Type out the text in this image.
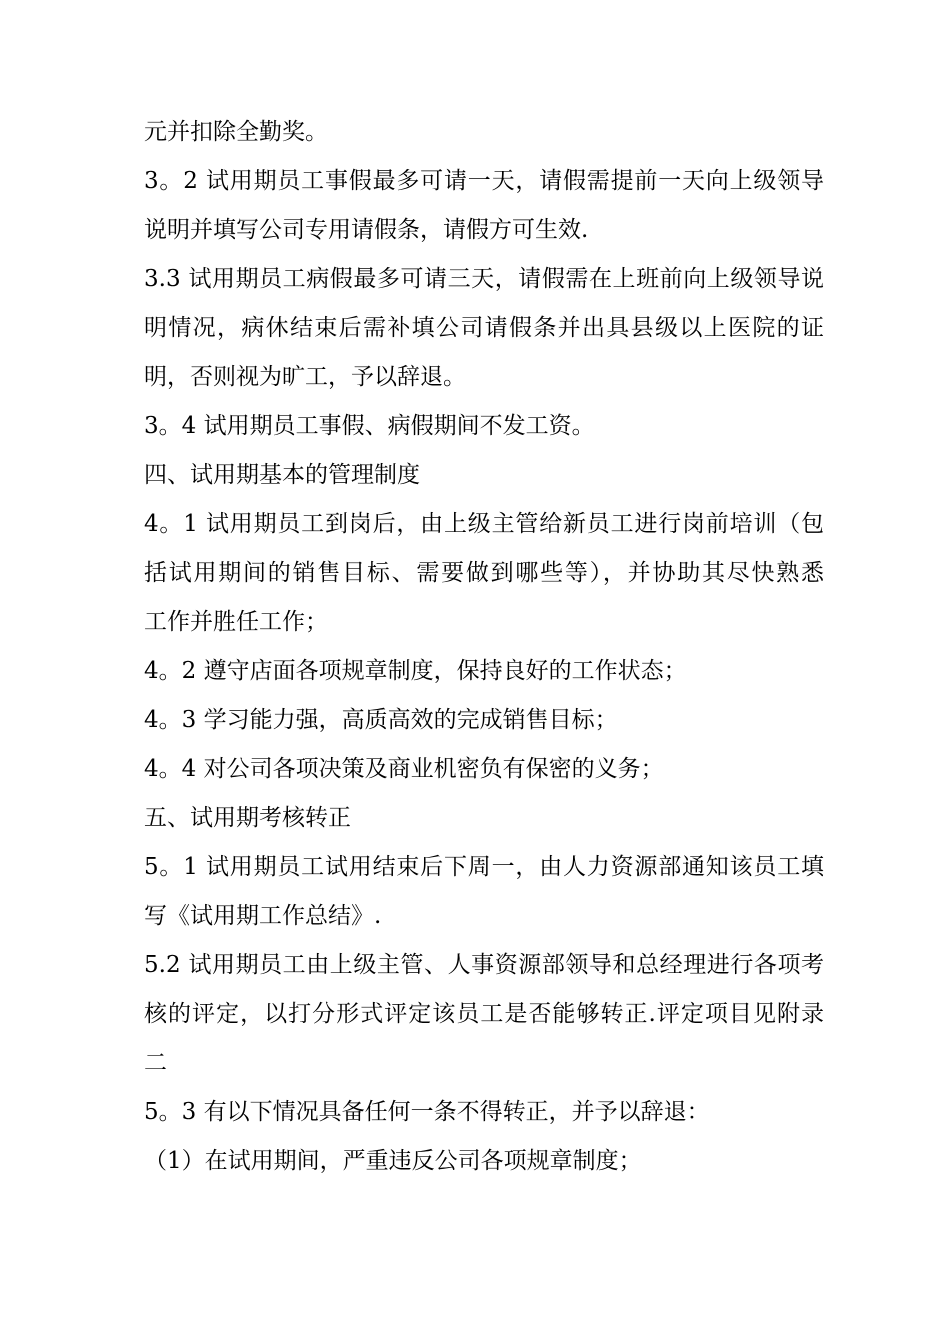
元并扣除全勤奖。
3。2 试用期员工事假最多可请一天，请假需提前一天向上级领导
说明并填写公司专用请假条，请假方可生效.
3.3 试用期员工病假最多可请三天，请假需在上班前向上级领导说
明情况，病休结束后需补填公司请假条并出具县级以上医院的证
明，否则视为旷工，予以辞退。
3。4 试用期员工事假、病假期间不发工资。
四、试用期基本的管理制度
4。1 试用期员工到岗后，由上级主管给新员工进行岗前培训（包
括试用期间的销售目标、需要做到哪些等），并协助其尽快熟悉
工作并胜任工作；
4。2 遵守店面各项规章制度，保持良好的工作状态；
4。3 学习能力强，高质高效的完成销售目标；
4。4 对公司各项决策及商业机密负有保密的义务；
五、试用期考核转正
5。1 试用期员工试用结束后下周一，由人力资源部通知该员工填
写《试用期工作总结》.
5.2 试用期员工由上级主管、人事资源部领导和总经理进行各项考
核的评定，以打分形式评定该员工是否能够转正.评定项目见附录
二
5。3 有以下情况具备任何一条不得转正，并予以辞退：
（1）在试用期间，严重违反公司各项规章制度；
